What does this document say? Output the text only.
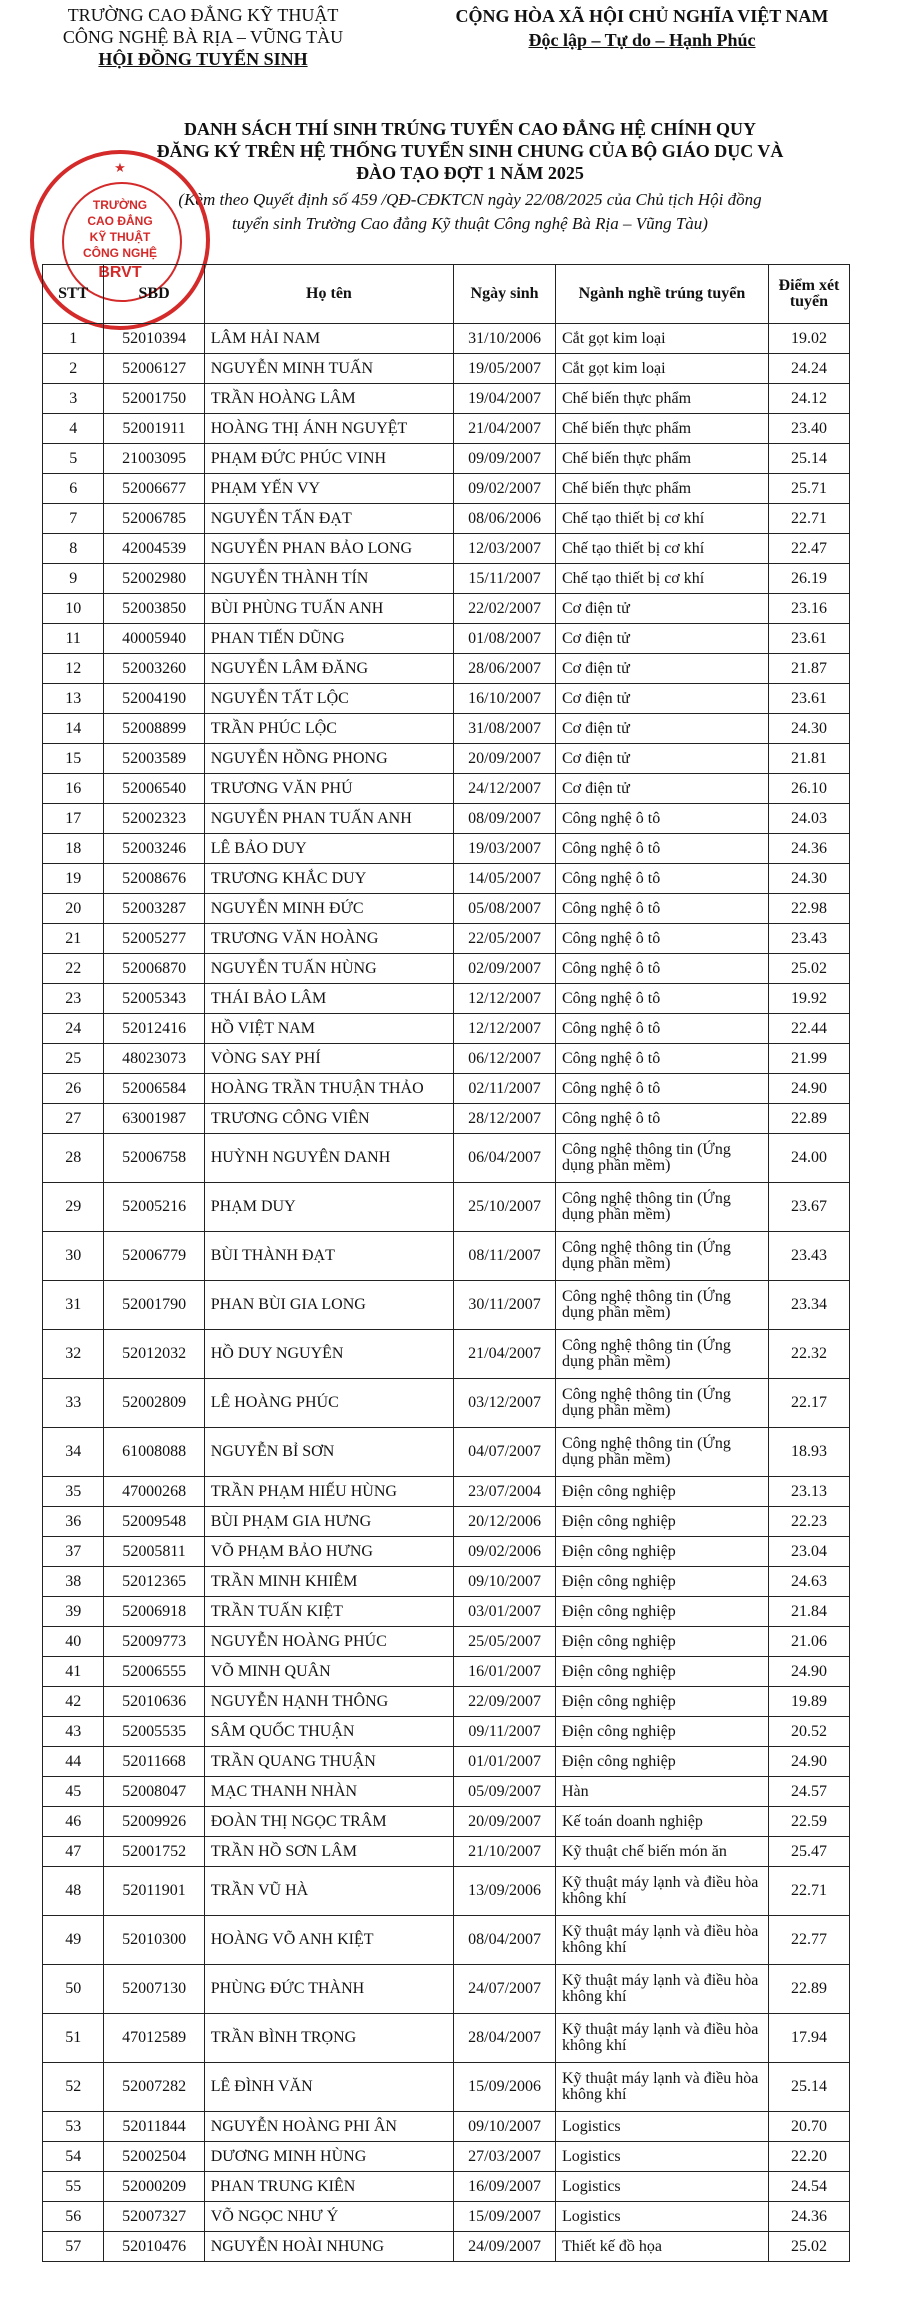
TRƯỜNG CAO ĐẲNG KỸ THUẬT
CÔNG NGHỆ BÀ RỊA – VŨNG TÀU
HỘI ĐỒNG TUYỂN SINH
CỘNG HÒA XÃ HỘI CHỦ NGHĨA VIỆT NAM
Độc lập – Tự do – Hạnh Phúc
DANH SÁCH THÍ SINH TRÚNG TUYỂN CAO ĐẲNG HỆ CHÍNH QUY
ĐĂNG KÝ TRÊN HỆ THỐNG TUYỂN SINH CHUNG CỦA BỘ GIÁO DỤC VÀ
ĐÀO TẠO ĐỢT 1 NĂM 2025
(Kèm theo Quyết định số 459 /QĐ-CĐKTCN ngày 22/08/2025 của Chủ tịch Hội đồng
tuyển sinh Trường Cao đẳng Kỹ thuật Công nghệ Bà Rịa – Vũng Tàu)
★
TRƯỜNG
CAO ĐẲNG
KỸ THUẬT
CÔNG NGHỆ
BRVT
STT	SBD	Họ tên	Ngày sinh	Ngành nghề trúng tuyển	Điểm xét tuyển
1	52010394	LÂM HẢI NAM	31/10/2006	Cắt gọt kim loại	19.02
2	52006127	NGUYỄN MINH TUẤN	19/05/2007	Cắt gọt kim loại	24.24
3	52001750	TRẦN HOÀNG LÂM	19/04/2007	Chế biến thực phẩm	24.12
4	52001911	HOÀNG THỊ ÁNH NGUYỆT	21/04/2007	Chế biến thực phẩm	23.40
5	21003095	PHẠM ĐỨC PHÚC VINH	09/09/2007	Chế biến thực phẩm	25.14
6	52006677	PHẠM YẾN VY	09/02/2007	Chế biến thực phẩm	25.71
7	52006785	NGUYỄN TẤN ĐẠT	08/06/2006	Chế tạo thiết bị cơ khí	22.71
8	42004539	NGUYỄN PHAN BẢO LONG	12/03/2007	Chế tạo thiết bị cơ khí	22.47
9	52002980	NGUYỄN THÀNH TÍN	15/11/2007	Chế tạo thiết bị cơ khí	26.19
10	52003850	BÙI PHÙNG TUẤN ANH	22/02/2007	Cơ điện tử	23.16
11	40005940	PHAN TIẾN DŨNG	01/08/2007	Cơ điện tử	23.61
12	52003260	NGUYỄN LÂM ĐĂNG	28/06/2007	Cơ điện tử	21.87
13	52004190	NGUYỄN TẤT LỘC	16/10/2007	Cơ điện tử	23.61
14	52008899	TRẦN PHÚC LỘC	31/08/2007	Cơ điện tử	24.30
15	52003589	NGUYỄN HỒNG PHONG	20/09/2007	Cơ điện tử	21.81
16	52006540	TRƯƠNG VĂN PHÚ	24/12/2007	Cơ điện tử	26.10
17	52002323	NGUYỄN PHAN TUẤN ANH	08/09/2007	Công nghệ ô tô	24.03
18	52003246	LÊ BẢO DUY	19/03/2007	Công nghệ ô tô	24.36
19	52008676	TRƯƠNG KHẮC DUY	14/05/2007	Công nghệ ô tô	24.30
20	52003287	NGUYỄN MINH ĐỨC	05/08/2007	Công nghệ ô tô	22.98
21	52005277	TRƯƠNG VĂN HOÀNG	22/05/2007	Công nghệ ô tô	23.43
22	52006870	NGUYỄN TUẤN HÙNG	02/09/2007	Công nghệ ô tô	25.02
23	52005343	THÁI BẢO LÂM	12/12/2007	Công nghệ ô tô	19.92
24	52012416	HỒ VIỆT NAM	12/12/2007	Công nghệ ô tô	22.44
25	48023073	VÒNG SAY PHÍ	06/12/2007	Công nghệ ô tô	21.99
26	52006584	HOÀNG TRẦN THUẬN THẢO	02/11/2007	Công nghệ ô tô	24.90
27	63001987	TRƯƠNG CÔNG VIÊN	28/12/2007	Công nghệ ô tô	22.89
28	52006758	HUỲNH NGUYÊN DANH	06/04/2007	Công nghệ thông tin (Ứng dụng phần mềm)	24.00
29	52005216	PHẠM DUY	25/10/2007	Công nghệ thông tin (Ứng dụng phần mềm)	23.67
30	52006779	BÙI THÀNH ĐẠT	08/11/2007	Công nghệ thông tin (Ứng dụng phần mềm)	23.43
31	52001790	PHAN BÙI GIA LONG	30/11/2007	Công nghệ thông tin (Ứng dụng phần mềm)	23.34
32	52012032	HỒ DUY NGUYÊN	21/04/2007	Công nghệ thông tin (Ứng dụng phần mềm)	22.32
33	52002809	LÊ HOÀNG PHÚC	03/12/2007	Công nghệ thông tin (Ứng dụng phần mềm)	22.17
34	61008088	NGUYỄN BỈ SƠN	04/07/2007	Công nghệ thông tin (Ứng dụng phần mềm)	18.93
35	47000268	TRẦN PHẠM HIẾU HÙNG	23/07/2004	Điện công nghiệp	23.13
36	52009548	BÙI PHẠM GIA HƯNG	20/12/2006	Điện công nghiệp	22.23
37	52005811	VÕ PHẠM BẢO HƯNG	09/02/2006	Điện công nghiệp	23.04
38	52012365	TRẦN MINH KHIÊM	09/10/2007	Điện công nghiệp	24.63
39	52006918	TRẦN TUẤN KIỆT	03/01/2007	Điện công nghiệp	21.84
40	52009773	NGUYỄN HOÀNG PHÚC	25/05/2007	Điện công nghiệp	21.06
41	52006555	VÕ MINH QUÂN	16/01/2007	Điện công nghiệp	24.90
42	52010636	NGUYỄN HẠNH THÔNG	22/09/2007	Điện công nghiệp	19.89
43	52005535	SÂM QUỐC THUẬN	09/11/2007	Điện công nghiệp	20.52
44	52011668	TRẦN QUANG THUẬN	01/01/2007	Điện công nghiệp	24.90
45	52008047	MẠC THANH NHÀN	05/09/2007	Hàn	24.57
46	52009926	ĐOÀN THỊ NGỌC TRÂM	20/09/2007	Kế toán doanh nghiệp	22.59
47	52001752	TRẦN HỒ SƠN LÂM	21/10/2007	Kỹ thuật chế biến món ăn	25.47
48	52011901	TRẦN VŨ HÀ	13/09/2006	Kỹ thuật máy lạnh và điều hòa không khí	22.71
49	52010300	HOÀNG VÕ ANH KIỆT	08/04/2007	Kỹ thuật máy lạnh và điều hòa không khí	22.77
50	52007130	PHÙNG ĐỨC THÀNH	24/07/2007	Kỹ thuật máy lạnh và điều hòa không khí	22.89
51	47012589	TRẦN BÌNH TRỌNG	28/04/2007	Kỹ thuật máy lạnh và điều hòa không khí	17.94
52	52007282	LÊ ĐÌNH VĂN	15/09/2006	Kỹ thuật máy lạnh và điều hòa không khí	25.14
53	52011844	NGUYỄN HOÀNG PHI ÂN	09/10/2007	Logistics	20.70
54	52002504	DƯƠNG MINH HÙNG	27/03/2007	Logistics	22.20
55	52000209	PHAN TRUNG KIÊN	16/09/2007	Logistics	24.54
56	52007327	VÕ NGỌC NHƯ Ý	15/09/2007	Logistics	24.36
57	52010476	NGUYỄN HOÀI NHUNG	24/09/2007	Thiết kế đồ họa	25.02
